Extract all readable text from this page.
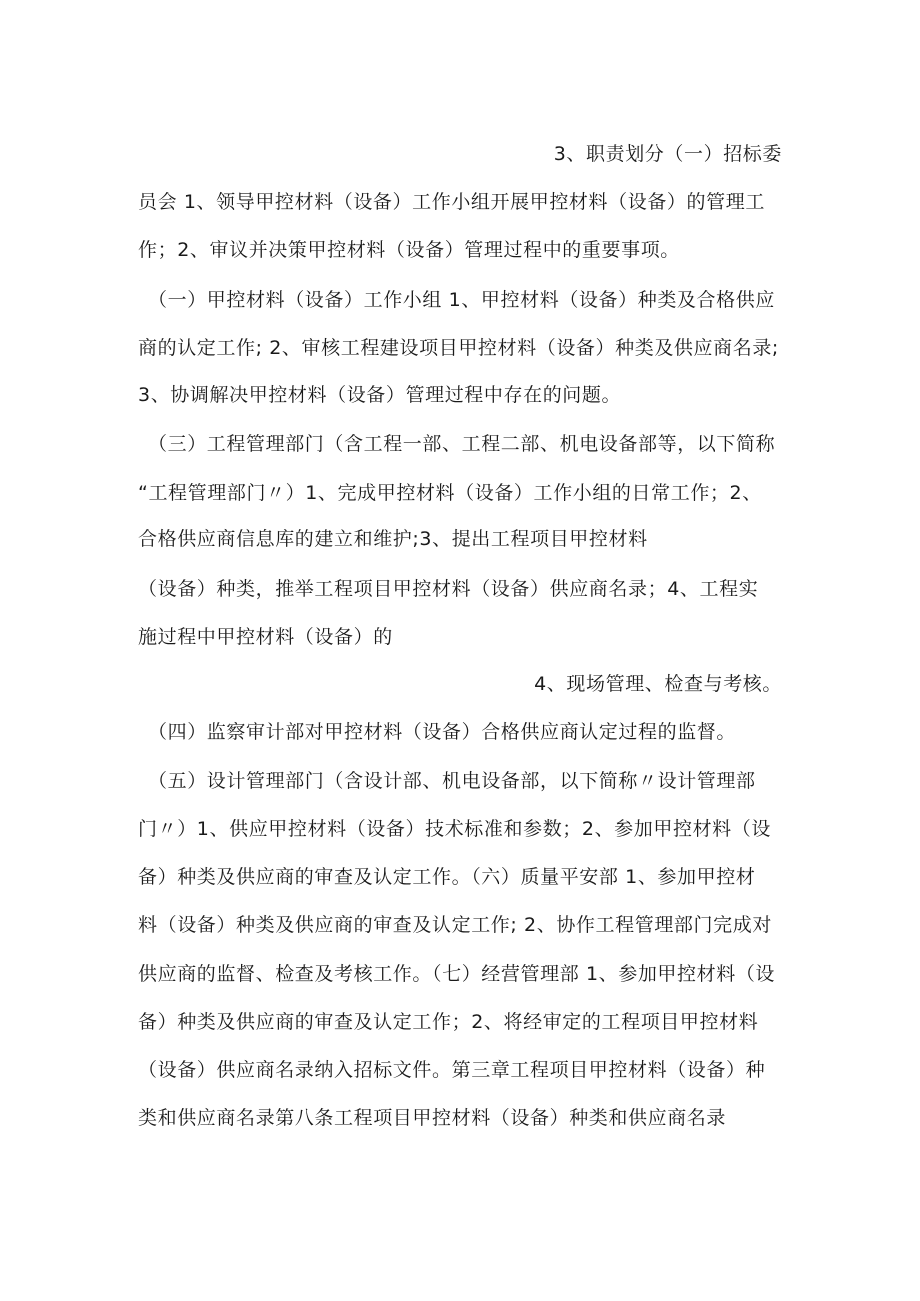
3、职责划分（一）招标委
员会 1、领导甲控材料（设备）工作小组开展甲控材料（设备）的管理工
作；2、审议并决策甲控材料（设备）管理过程中的重要事项。
（一）甲控材料（设备）工作小组 1、甲控材料（设备）种类及合格供应
商的认定工作; 2、审核工程建设项目甲控材料（设备）种类及供应商名录;
3、协调解决甲控材料（设备）管理过程中存在的问题。
（三）工程管理部门（含工程一部、工程二部、机电设备部等，以下简称
“工程管理部门〃）1、完成甲控材料（设备）工作小组的日常工作；2、
合格供应商信息库的建立和维护;3、提出工程项目甲控材料
（设备）种类，推举工程项目甲控材料（设备）供应商名录；4、工程实
施过程中甲控材料（设备）的
4、现场管理、检查与考核。
（四）监察审计部对甲控材料（设备）合格供应商认定过程的监督。
（五）设计管理部门（含设计部、机电设备部，以下简称〃设计管理部
门〃）1、供应甲控材料（设备）技术标准和参数；2、参加甲控材料（设
备）种类及供应商的审查及认定工作。（六）质量平安部 1、参加甲控材
料（设备）种类及供应商的审查及认定工作; 2、协作工程管理部门完成对
供应商的监督、检查及考核工作。（七）经营管理部 1、参加甲控材料（设
备）种类及供应商的审查及认定工作；2、将经审定的工程项目甲控材料
（设备）供应商名录纳入招标文件。第三章工程项目甲控材料（设备）种
类和供应商名录第八条工程项目甲控材料（设备）种类和供应商名录
